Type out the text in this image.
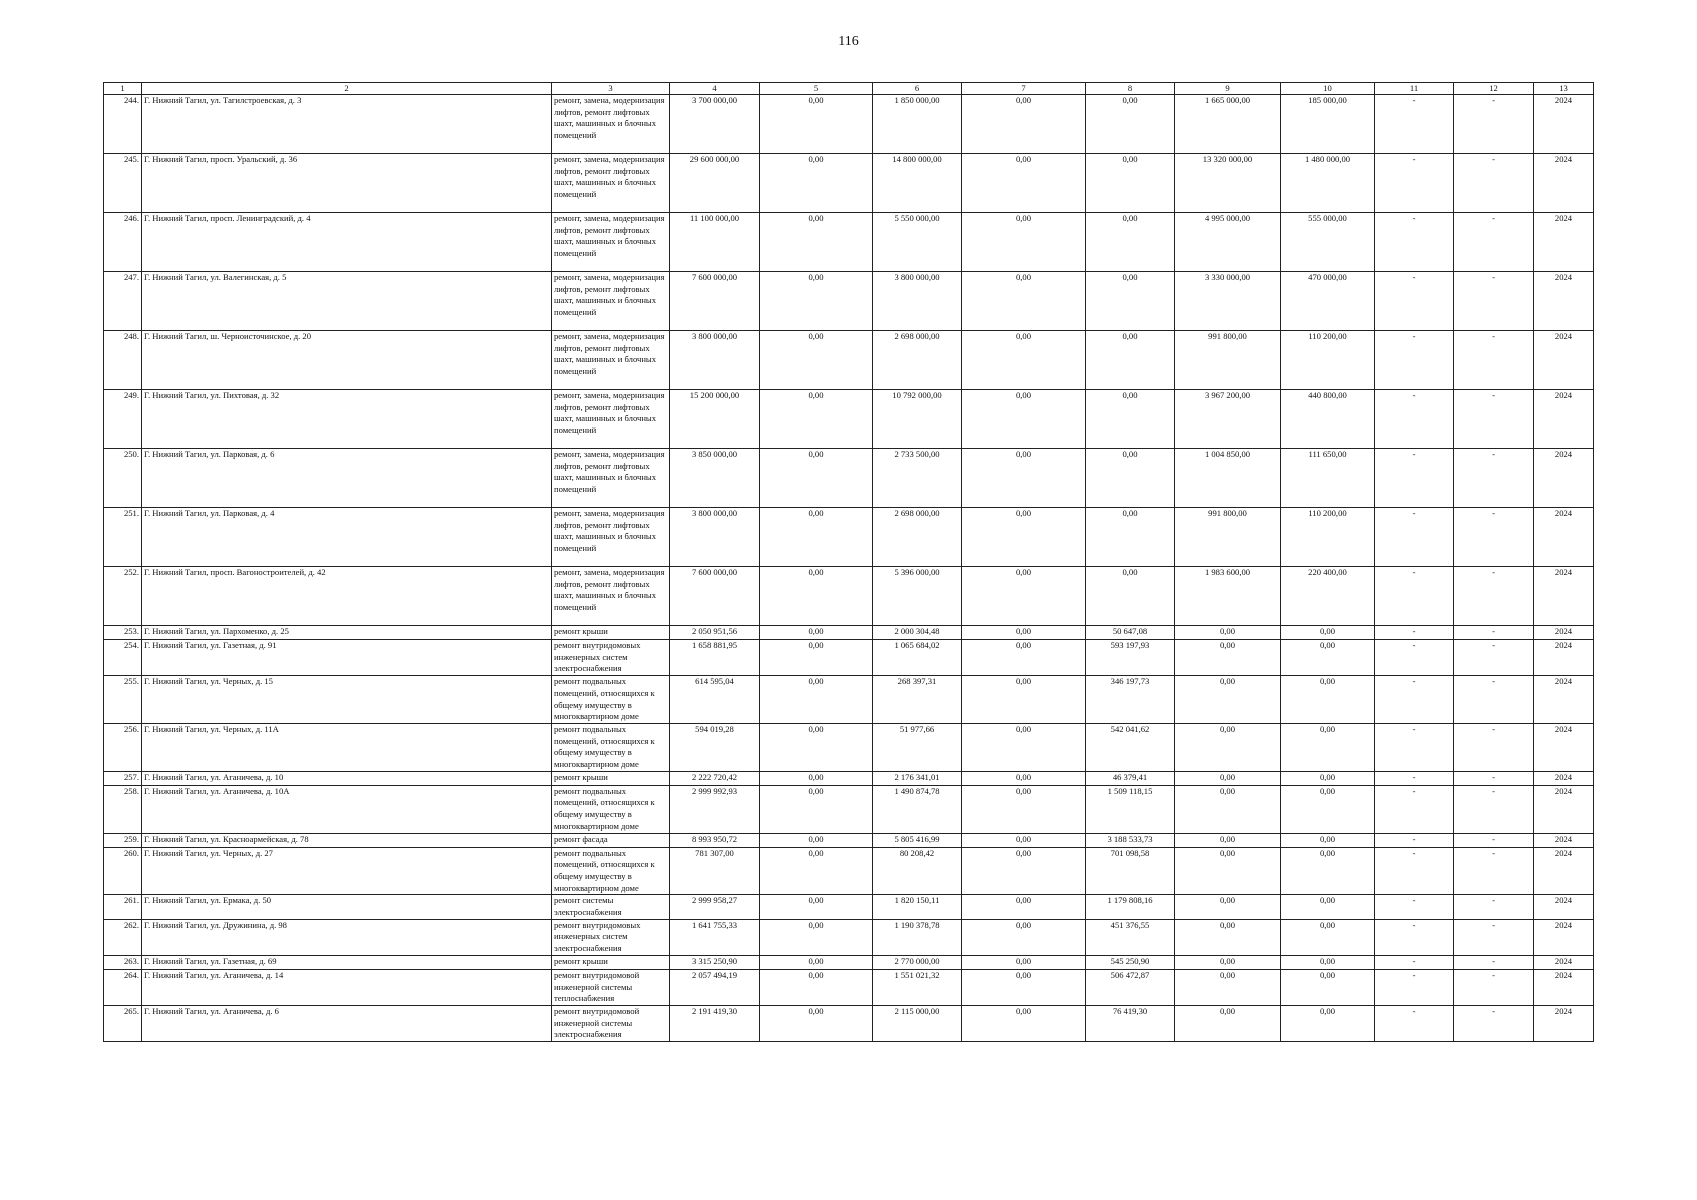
116
1	2	3	4	5	6	7	8	9	10	11	12	13
244.	Г. Нижний Тагил, ул. Тагилстроевская, д. 3	ремонт, замена, модернизация лифтов, ремонт лифтовых шахт, машинных и блочных помещений	3 700 000,00	0,00	1 850 000,00	0,00	0,00	1 665 000,00	185 000,00	-	-	2024
245.	Г. Нижний Тагил, просп. Уральский, д. 36	ремонт, замена, модернизация лифтов, ремонт лифтовых шахт, машинных и блочных помещений	29 600 000,00	0,00	14 800 000,00	0,00	0,00	13 320 000,00	1 480 000,00	-	-	2024
246.	Г. Нижний Тагил, просп. Ленинградский, д. 4	ремонт, замена, модернизация лифтов, ремонт лифтовых шахт, машинных и блочных помещений	11 100 000,00	0,00	5 550 000,00	0,00	0,00	4 995 000,00	555 000,00	-	-	2024
247.	Г. Нижний Тагил, ул. Валегинская, д. 5	ремонт, замена, модернизация лифтов, ремонт лифтовых шахт, машинных и блочных помещений	7 600 000,00	0,00	3 800 000,00	0,00	0,00	3 330 000,00	470 000,00	-	-	2024
248.	Г. Нижний Тагил, ш. Черноисточинское, д. 20	ремонт, замена, модернизация лифтов, ремонт лифтовых шахт, машинных и блочных помещений	3 800 000,00	0,00	2 698 000,00	0,00	0,00	991 800,00	110 200,00	-	-	2024
249.	Г. Нижний Тагил, ул. Пихтовая, д. 32	ремонт, замена, модернизация лифтов, ремонт лифтовых шахт, машинных и блочных помещений	15 200 000,00	0,00	10 792 000,00	0,00	0,00	3 967 200,00	440 800,00	-	-	2024
250.	Г. Нижний Тагил, ул. Парковая, д. 6	ремонт, замена, модернизация лифтов, ремонт лифтовых шахт, машинных и блочных помещений	3 850 000,00	0,00	2 733 500,00	0,00	0,00	1 004 850,00	111 650,00	-	-	2024
251.	Г. Нижний Тагил, ул. Парковая, д. 4	ремонт, замена, модернизация лифтов, ремонт лифтовых шахт, машинных и блочных помещений	3 800 000,00	0,00	2 698 000,00	0,00	0,00	991 800,00	110 200,00	-	-	2024
252.	Г. Нижний Тагил, просп. Вагоностроителей, д. 42	ремонт, замена, модернизация лифтов, ремонт лифтовых шахт, машинных и блочных помещений	7 600 000,00	0,00	5 396 000,00	0,00	0,00	1 983 600,00	220 400,00	-	-	2024
253.	Г. Нижний Тагил, ул. Пархоменко, д. 25	ремонт крыши	2 050 951,56	0,00	2 000 304,48	0,00	50 647,08	0,00	0,00	-	-	2024
254.	Г. Нижний Тагил, ул. Газетная, д. 91	ремонт внутридомовых инженерных систем электроснабжения	1 658 881,95	0,00	1 065 684,02	0,00	593 197,93	0,00	0,00	-	-	2024
255.	Г. Нижний Тагил, ул. Черных, д. 15	ремонт подвальных помещений, относящихся к общему имуществу в многоквартирном доме	614 595,04	0,00	268 397,31	0,00	346 197,73	0,00	0,00	-	-	2024
256.	Г. Нижний Тагил, ул. Черных, д. 11А	ремонт подвальных помещений, относящихся к общему имуществу в многоквартирном доме	594 019,28	0,00	51 977,66	0,00	542 041,62	0,00	0,00	-	-	2024
257.	Г. Нижний Тагил, ул. Аганичева, д. 10	ремонт крыши	2 222 720,42	0,00	2 176 341,01	0,00	46 379,41	0,00	0,00	-	-	2024
258.	Г. Нижний Тагил, ул. Аганичева, д. 10А	ремонт подвальных помещений, относящихся к общему имуществу в многоквартирном доме	2 999 992,93	0,00	1 490 874,78	0,00	1 509 118,15	0,00	0,00	-	-	2024
259.	Г. Нижний Тагил, ул. Красноармейская, д. 78	ремонт фасада	8 993 950,72	0,00	5 805 416,99	0,00	3 188 533,73	0,00	0,00	-	-	2024
260.	Г. Нижний Тагил, ул. Черных, д. 27	ремонт подвальных помещений, относящихся к общему имуществу в многоквартирном доме	781 307,00	0,00	80 208,42	0,00	701 098,58	0,00	0,00	-	-	2024
261.	Г. Нижний Тагил, ул. Ермака, д. 50	ремонт системы электроснабжения	2 999 958,27	0,00	1 820 150,11	0,00	1 179 808,16	0,00	0,00	-	-	2024
262.	Г. Нижний Тагил, ул. Дружинина, д. 98	ремонт внутридомовых инженерных систем электроснабжения	1 641 755,33	0,00	1 190 378,78	0,00	451 376,55	0,00	0,00	-	-	2024
263.	Г. Нижний Тагил, ул. Газетная, д. 69	ремонт крыши	3 315 250,90	0,00	2 770 000,00	0,00	545 250,90	0,00	0,00	-	-	2024
264.	Г. Нижний Тагил, ул. Аганичева, д. 14	ремонт внутридомовой инженерной системы теплоснабжения	2 057 494,19	0,00	1 551 021,32	0,00	506 472,87	0,00	0,00	-	-	2024
265.	Г. Нижний Тагил, ул. Аганичева, д. 6	ремонт внутридомовой инженерной системы электроснабжения	2 191 419,30	0,00	2 115 000,00	0,00	76 419,30	0,00	0,00	-	-	2024
